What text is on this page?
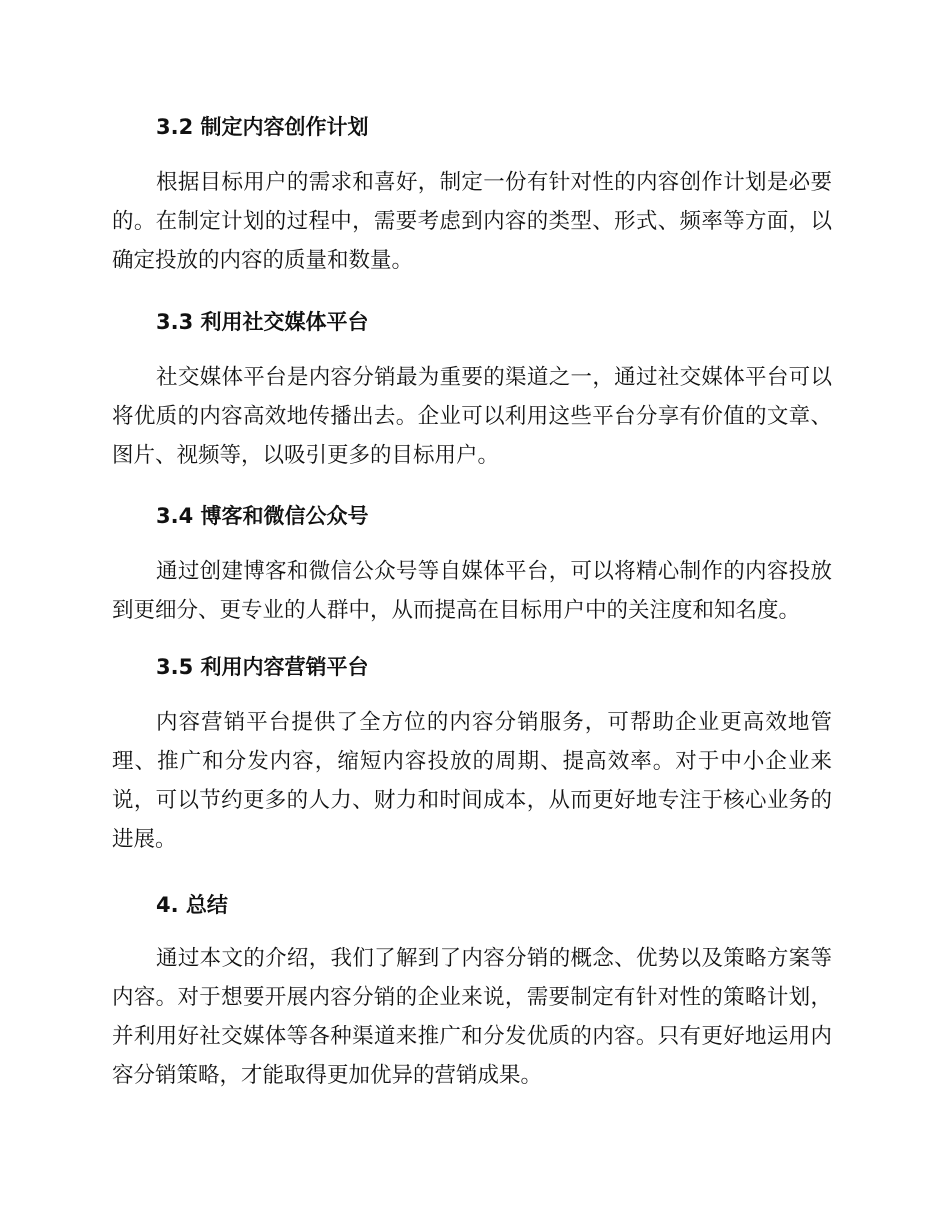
3.2 制定内容创作计划
根据目标用户的需求和喜好，制定一份有针对性的内容创作计划是必要
的。在制定计划的过程中，需要考虑到内容的类型、形式、频率等方面，以
确定投放的内容的质量和数量。
3.3 利用社交媒体平台
社交媒体平台是内容分销最为重要的渠道之一，通过社交媒体平台可以
将优质的内容高效地传播出去。企业可以利用这些平台分享有价值的文章、
图片、视频等，以吸引更多的目标用户。
3.4 博客和微信公众号
通过创建博客和微信公众号等自媒体平台，可以将精心制作的内容投放
到更细分、更专业的人群中，从而提高在目标用户中的关注度和知名度。
3.5 利用内容营销平台
内容营销平台提供了全方位的内容分销服务，可帮助企业更高效地管
理、推广和分发内容，缩短内容投放的周期、提高效率。对于中小企业来
说，可以节约更多的人力、财力和时间成本，从而更好地专注于核心业务的
进展。
4. 总结
通过本文的介绍，我们了解到了内容分销的概念、优势以及策略方案等
内容。对于想要开展内容分销的企业来说，需要制定有针对性的策略计划，
并利用好社交媒体等各种渠道来推广和分发优质的内容。只有更好地运用内
容分销策略，才能取得更加优异的营销成果。
